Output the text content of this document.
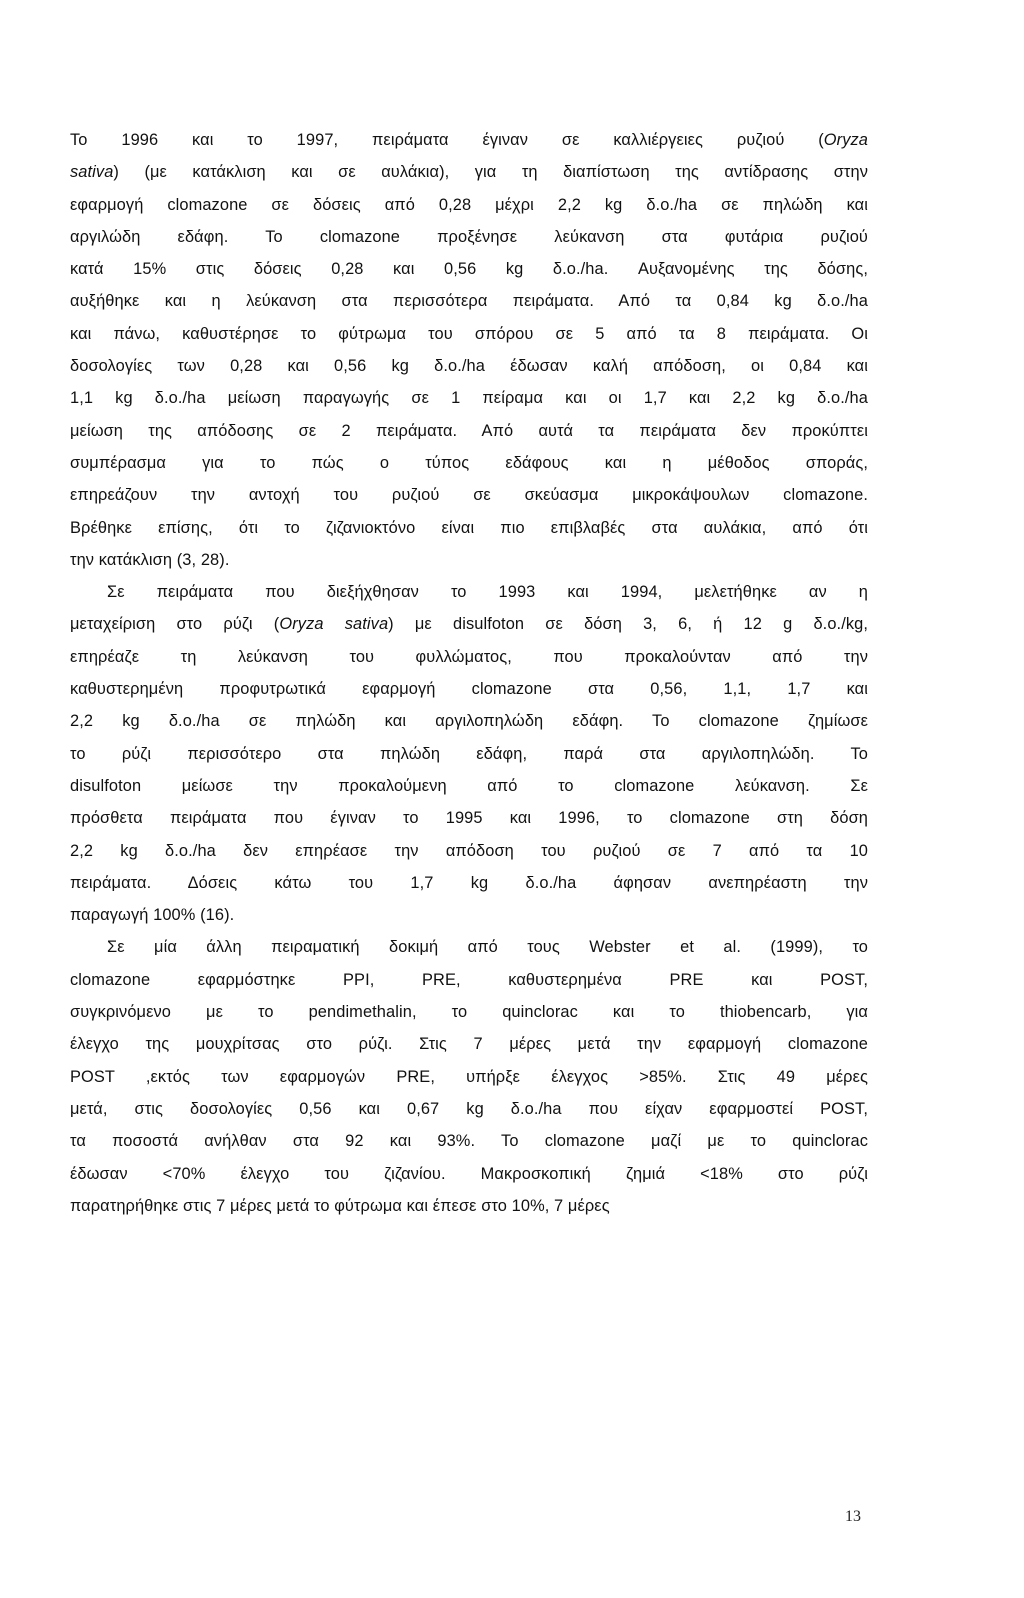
Το 1996 και το 1997, πειράματα έγιναν σε καλλιέργειες ρυζιού (Oryza
sativa) (με κατάκλιση και σε αυλάκια), για τη διαπίστωση της αντίδρασης στην
εφαρμογή clomazone σε δόσεις από 0,28 μέχρι 2,2 kg δ.ο./ha σε πηλώδη και
αργιλώδη εδάφη. Το clomazone προξένησε λεύκανση στα φυτάρια ρυζιού
κατά 15% στις δόσεις 0,28 και 0,56 kg δ.ο./ha. Αυξανομένης της δόσης,
αυξήθηκε και η λεύκανση στα περισσότερα πειράματα. Από τα 0,84 kg δ.ο./ha
και πάνω, καθυστέρησε το φύτρωμα του σπόρου σε 5 από τα 8 πειράματα. Οι
δοσολογίες των 0,28 και 0,56 kg δ.ο./ha έδωσαν καλή απόδοση, οι 0,84 και
1,1 kg δ.ο./ha μείωση παραγωγής σε 1 πείραμα και οι 1,7 και 2,2 kg δ.ο./ha
μείωση της απόδοσης σε 2 πειράματα. Από αυτά τα πειράματα δεν προκύπτει
συμπέρασμα για το πώς ο τύπος εδάφους και η μέθοδος σποράς,
επηρεάζουν την αντοχή του ρυζιού σε σκεύασμα μικροκάψουλων clomazone.
Βρέθηκε επίσης, ότι το ζιζανιοκτόνο είναι πιο επιβλαβές στα αυλάκια, από ότι
την κατάκλιση (3, 28).
Σε πειράματα που διεξήχθησαν το 1993 και 1994, μελετήθηκε αν η
μεταχείριση στο ρύζι (Oryza sativa) με disulfoton σε δόση 3, 6, ή 12 g δ.ο./kg,
επηρέαζε τη λεύκανση του φυλλώματος, που προκαλούνταν από την
καθυστερημένη προφυτρωτικά εφαρμογή clomazone στα 0,56, 1,1, 1,7 και
2,2 kg δ.ο./ha σε πηλώδη και αργιλοπηλώδη εδάφη. Το clomazone ζημίωσε
το ρύζι περισσότερο στα πηλώδη εδάφη, παρά στα αργιλοπηλώδη. Το
disulfoton μείωσε την προκαλούμενη από το clomazone λεύκανση. Σε
πρόσθετα πειράματα που έγιναν το 1995 και 1996, το clomazone στη δόση
2,2 kg δ.ο./ha δεν επηρέασε την απόδοση του ρυζιού σε 7 από τα 10
πειράματα. Δόσεις κάτω του 1,7 kg δ.ο./ha άφησαν ανεπηρέαστη την
παραγωγή 100% (16).
Σε μία άλλη πειραματική δοκιμή από τους Webster et al. (1999), το
clomazone εφαρμόστηκε PPI, PRE, καθυστερημένα PRE και POST,
συγκρινόμενο με το pendimethalin, το quinclorac και το thiobencarb, για
έλεγχο της μουχρίτσας στο ρύζι. Στις 7 μέρες μετά την εφαρμογή clomazone
POST ,εκτός των εφαρμογών PRE, υπήρξε έλεγχος >85%. Στις 49 μέρες
μετά, στις δοσολογίες 0,56 και 0,67 kg δ.ο./ha που είχαν εφαρμοστεί POST,
τα ποσοστά ανήλθαν στα 92 και 93%. Το clomazone μαζί με το quinclorac
έδωσαν <70% έλεγχο του ζιζανίου. Μακροσκοπική ζημιά <18% στο ρύζι
παρατηρήθηκε στις 7 μέρες μετά το φύτρωμα και έπεσε στο 10%, 7 μέρες
13
